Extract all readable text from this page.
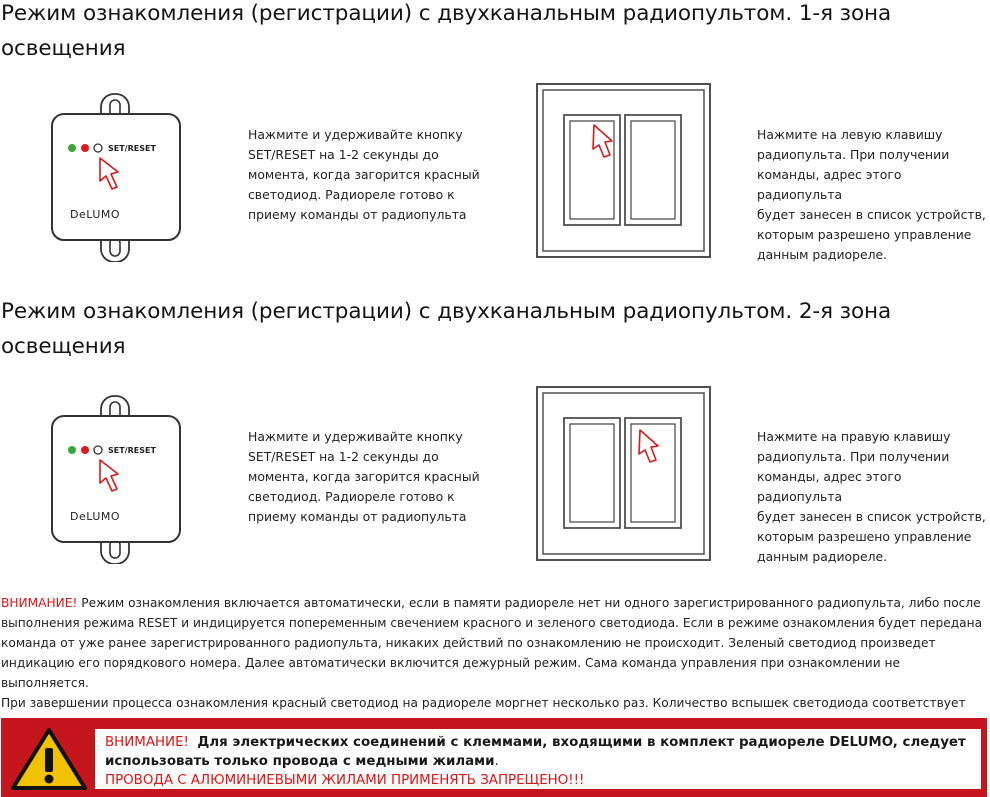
Режим ознакомления (регистрации) с двухканальным радиопультом. 1-я зона
освещения
SET/RESET
DeLUMO
Нажмите и удерживайте кнопку
SET/RESET на 1-2 секунды до
момента, когда загорится красный
светодиод. Радиореле готово к
приему команды от радиопульта
Нажмите на левую клавишу
радиопульта. При получении
команды, адрес этого радиопульта
будет занесен в список устройств,
которым разрешено управление
данным радиореле.
Режим ознакомления (регистрации) с двухканальным радиопультом. 2-я зона
освещения
SET/RESET
DeLUMO
Нажмите и удерживайте кнопку
SET/RESET на 1-2 секунды до
момента, когда загорится красный
светодиод. Радиореле готово к
приему команды от радиопульта
Нажмите на правую клавишу
радиопульта. При получении
команды, адрес этого радиопульта
будет занесен в список устройств,
которым разрешено управление
данным радиореле.
ВНИМАНИЕ! Режим ознакомления включается автоматически, если в памяти радиореле нет ни одного зарегистрированного радиопульта, либо после
выполнения режима RESET и индицируется попеременным свечением красного и зеленого светодиода. Если в режиме ознакомления будет передана
команда от уже ранее зарегистрированного радиопульта, никаких действий по ознакомлению не происходит. Зеленый светодиод произведет
индикацию его порядкового номера. Далее автоматически включится дежурный режим. Сама команда управления при ознакомлении не выполняется.
При завершении процесса ознакомления красный светодиод на радиореле моргнет несколько раз. Количество вспышек светодиода соответствует
ВНИМАНИЕ! Для электрических соединений с клеммами, входящими в комплект радиореле DELUMO, следует
использовать только провода с медными жилами.
ПРОВОДА С АЛЮМИНИЕВЫМИ ЖИЛАМИ ПРИМЕНЯТЬ ЗАПРЕЩЕНО!!!
